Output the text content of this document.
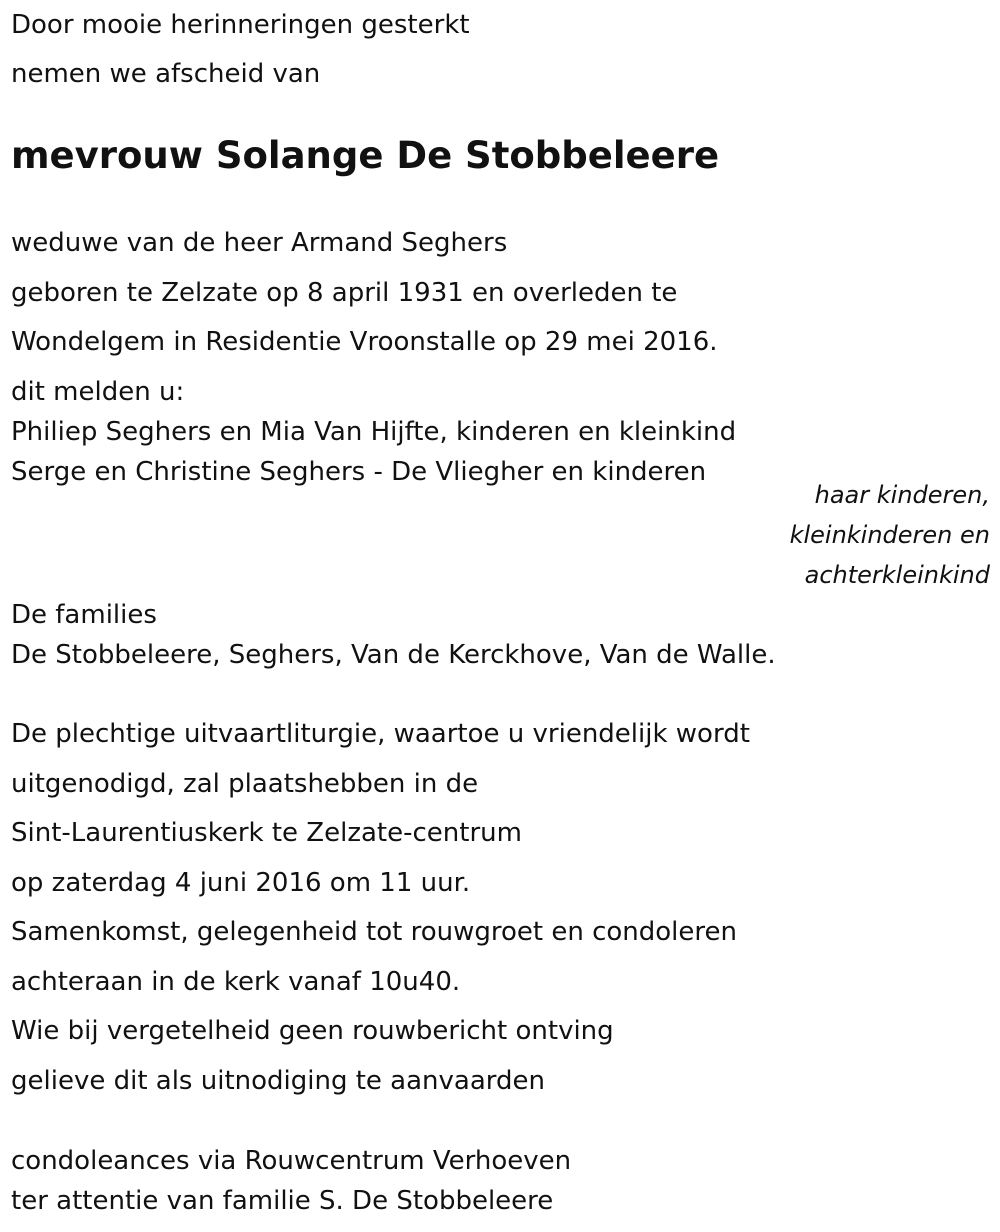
Door mooie herinneringen gesterkt
nemen we afscheid van
mevrouw Solange De Stobbeleere
weduwe van de heer Armand Seghers
geboren te Zelzate op 8 april 1931 en overleden te
Wondelgem in Residentie Vroonstalle op 29 mei 2016.
dit melden u:
Philiep Seghers en Mia Van Hijfte, kinderen en kleinkind
Serge en Christine Seghers - De Vliegher en kinderen
haar kinderen,
kleinkinderen en
achterkleinkind
De families
De Stobbeleere, Seghers, Van de Kerckhove, Van de Walle.
De plechtige uitvaartliturgie, waartoe u vriendelijk wordt
uitgenodigd, zal plaatshebben in de
Sint-Laurentiuskerk te Zelzate-centrum
op zaterdag 4 juni 2016 om 11 uur.
Samenkomst, gelegenheid tot rouwgroet en condoleren
achteraan in de kerk vanaf 10u40.
Wie bij vergetelheid geen rouwbericht ontving
gelieve dit als uitnodiging te aanvaarden
condoleances via Rouwcentrum Verhoeven
ter attentie van familie S. De Stobbeleere
